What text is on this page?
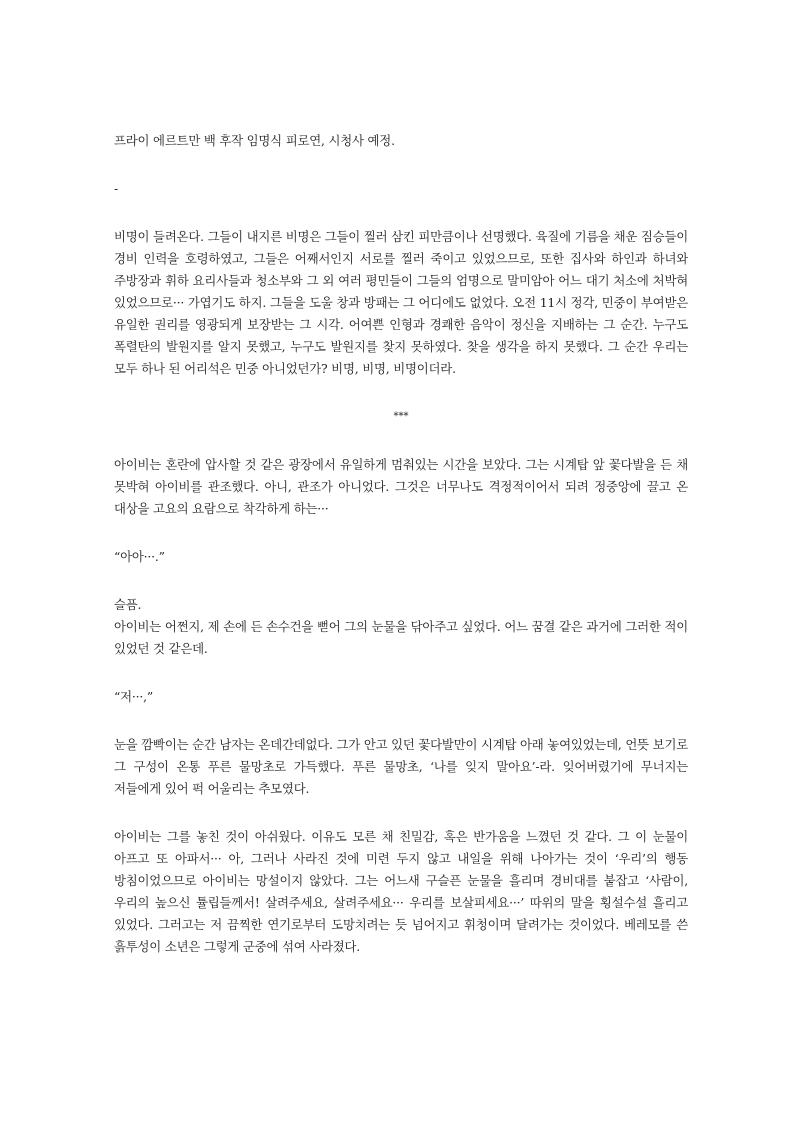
프라이 에르트만 백 후작 임명식 피로연, 시청사 예정.

-

비명이 들려온다. 그들이 내지른 비명은 그들이 찔러 삼킨 피만큼이나 선명했다. 육질에 기름을 채운 짐승들이 경비 인력을 호령하였고, 그들은 어째서인지 서로를 찔러 죽이고 있었으므로, 또한 집사와 하인과 하녀와 주방장과 휘하 요리사들과 청소부와 그 외 여러 평민들이 그들의 엄명으로 말미암아 어느 대기 처소에 처박혀 있었으므로··· 가엽기도 하지. 그들을 도울 창과 방패는 그 어디에도 없었다. 오전 11시 정각, 민중이 부여받은 유일한 권리를 영광되게 보장받는 그 시각. 어여쁜 인형과 경쾌한 음악이 정신을 지배하는 그 순간. 누구도 폭렬탄의 발원지를 알지 못했고, 누구도 발원지를 찾지 못하였다. 찾을 생각을 하지 못했다. 그 순간 우리는 모두 하나 된 어리석은 민중 아니었던가? 비명, 비명, 비명이더라.

***

아이비는 혼란에 압사할 것 같은 광장에서 유일하게 멈춰있는 시간을 보았다. 그는 시계탑 앞 꽃다발을 든 채 못박혀 아이비를 관조했다. 아니, 관조가 아니었다. 그것은 너무나도 격정적이어서 되려 정중앙에 끌고 온 대상을 고요의 요람으로 착각하게 하는···

“아아···.”

슬픔.

아이비는 어쩐지, 제 손에 든 손수건을 뻗어 그의 눈물을 닦아주고 싶었다. 어느 꿈결 같은 과거에 그러한 적이 있었던 것 같은데.

“저···,”

눈을 깜빡이는 순간 남자는 온데간데없다. 그가 안고 있던 꽃다발만이 시계탑 아래 놓여있었는데, 언뜻 보기로 그 구성이 온통 푸른 물망초로 가득했다. 푸른 물망초, ‘나를 잊지 말아요’-라. 잊어버렸기에 무너지는 저들에게 있어 퍽 어울리는 추모였다.

아이비는 그를 놓친 것이 아쉬웠다. 이유도 모른 채 친밀감, 혹은 반가움을 느꼈던 것 같다. 그 이 눈물이 아프고 또 아파서··· 아, 그러나 사라진 것에 미련 두지 않고 내일을 위해 나아가는 것이 ‘우리’의 행동 방침이었으므로 아이비는 망설이지 않았다. 그는 어느새 구슬픈 눈물을 흘리며 경비대를 붙잡고 ‘사람이, 우리의 높으신 튤립들께서! 살려주세요, 살려주세요··· 우리를 보살피세요···’ 따위의 말을 횡설수설 흘리고 있었다. 그러고는 저 끔찍한 연기로부터 도망치려는 듯 넘어지고 휘청이며 달려가는 것이었다. 베레모를 쓴 흙투성이 소년은 그렇게 군중에 섞여 사라졌다.
